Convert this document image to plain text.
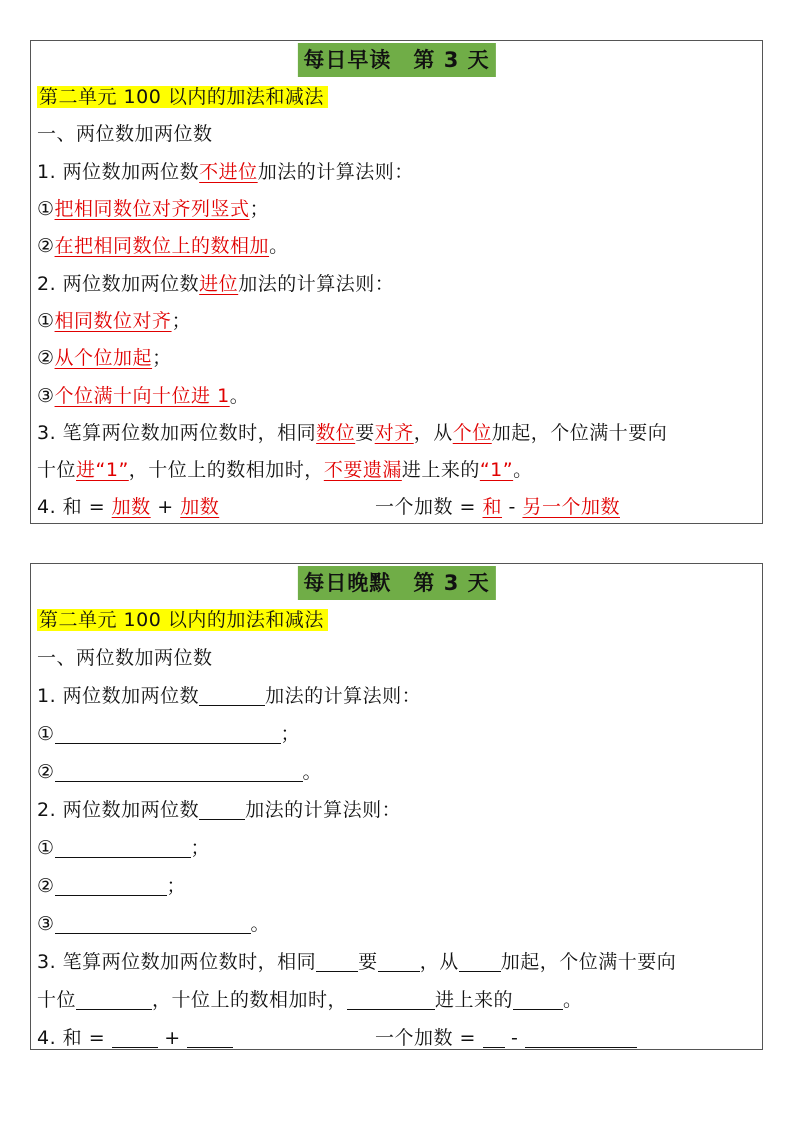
每日早读 第 3 天
第二单元 100 以内的加法和减法
一、两位数加两位数
1. 两位数加两位数不进位加法的计算法则：
①把相同数位对齐列竖式；
②在把相同数位上的数相加。
2. 两位数加两位数进位加法的计算法则：
①相同数位对齐；
②从个位加起；
③个位满十向十位进 1。
3. 笔算两位数加两位数时，相同数位要对齐，从个位加起，个位满十要向
十位进“1”，十位上的数相加时，不要遗漏进上来的“1”。
4. 和 = 加数 + 加数	一个加数 = 和 - 另一个加数
每日晚默 第 3 天
第二单元 100 以内的加法和减法
一、两位数加两位数
1. 两位数加两位数	加法的计算法则：
①	；
②	。
2. 两位数加两位数 加法的计算法则：
①	；
②	；
③	。
3. 笔算两位数加两位数时，相同 要 ，从 加起，个位满十要向
十位	，十位上的数相加时，	进上来的	。
4. 和 =  +	一个加数 =  -
